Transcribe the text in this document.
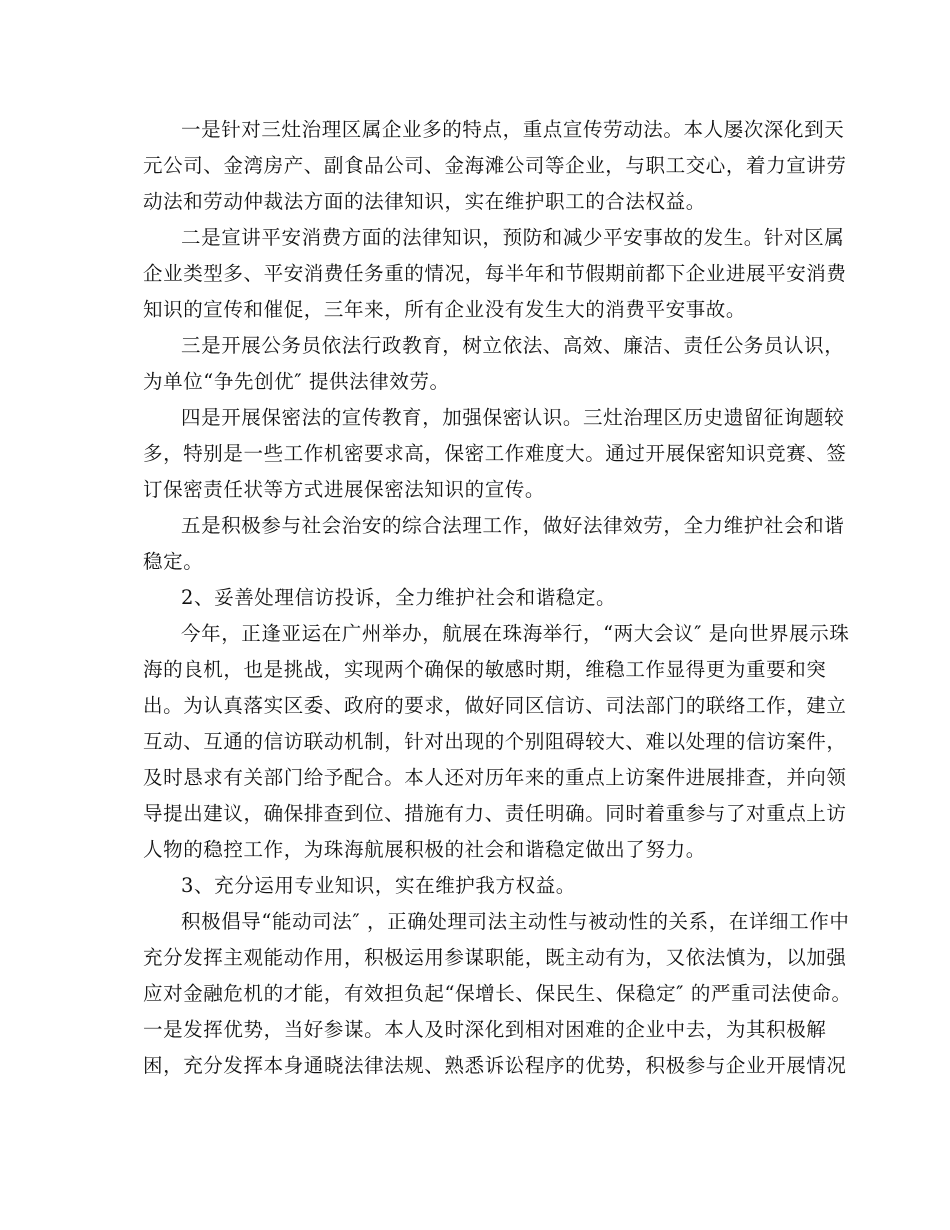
一是针对三灶治理区属企业多的特点，重点宣传劳动法。本人屡次深化到天
元公司、金湾房产、副食品公司、金海滩公司等企业，与职工交心，着力宣讲劳
动法和劳动仲裁法方面的法律知识，实在维护职工的合法权益。
二是宣讲平安消费方面的法律知识，预防和减少平安事故的发生。针对区属
企业类型多、平安消费任务重的情况，每半年和节假期前都下企业进展平安消费
知识的宣传和催促，三年来，所有企业没有发生大的消费平安事故。
三是开展公务员依法行政教育，树立依法、高效、廉洁、责任公务员认识，
为单位“争先创优″ 提供法律效劳。
四是开展保密法的宣传教育，加强保密认识。三灶治理区历史遗留征询题较
多，特别是一些工作机密要求高，保密工作难度大。通过开展保密知识竞赛、签
订保密责任状等方式进展保密法知识的宣传。
五是积极参与社会治安的综合法理工作，做好法律效劳，全力维护社会和谐
稳定。
2、妥善处理信访投诉，全力维护社会和谐稳定。
今年，正逢亚运在广州举办，航展在珠海举行，“两大会议″ 是向世界展示珠
海的良机，也是挑战，实现两个确保的敏感时期，维稳工作显得更为重要和突
出。为认真落实区委、政府的要求，做好同区信访、司法部门的联络工作，建立
互动、互通的信访联动机制，针对出现的个别阻碍较大、难以处理的信访案件，
及时恳求有关部门给予配合。本人还对历年来的重点上访案件进展排查，并向领
导提出建议，确保排查到位、措施有力、责任明确。同时着重参与了对重点上访
人物的稳控工作，为珠海航展积极的社会和谐稳定做出了努力。
3、充分运用专业知识，实在维护我方权益。
积极倡导“能动司法″ ，正确处理司法主动性与被动性的关系，在详细工作中
充分发挥主观能动作用，积极运用参谋职能，既主动有为，又依法慎为，以加强
应对金融危机的才能，有效担负起“保增长、保民生、保稳定″ 的严重司法使命。
一是发挥优势，当好参谋。本人及时深化到相对困难的企业中去，为其积极解
困，充分发挥本身通晓法律法规、熟悉诉讼程序的优势，积极参与企业开展情况
